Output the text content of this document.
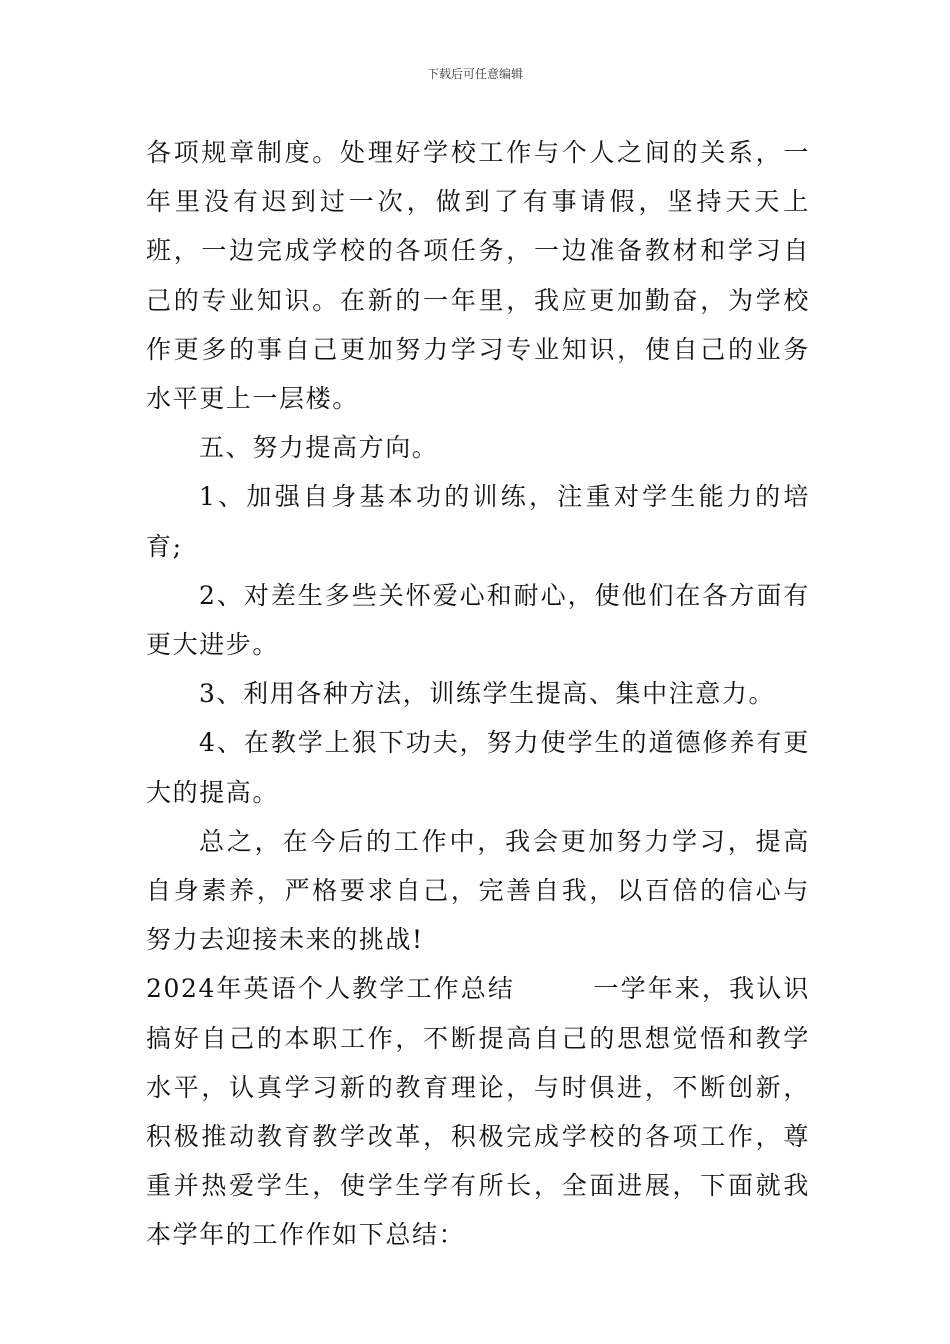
下载后可任意编辑

各项规章制度。处理好学校工作与个人之间的关系，一年里没有迟到过一次，做到了有事请假，坚持天天上班，一边完成学校的各项任务，一边准备教材和学习自己的专业知识。在新的一年里，我应更加勤奋，为学校作更多的事自己更加努力学习专业知识，使自己的业务水平更上一层楼。

五、努力提高方向。

1、加强自身基本功的训练，注重对学生能力的培育;

2、对差生多些关怀爱心和耐心，使他们在各方面有更大进步。

3、利用各种方法，训练学生提高、集中注意力。

4、在教学上狠下功夫，努力使学生的道德修养有更大的提高。

总之，在今后的工作中，我会更加努力学习，提高自身素养，严格要求自己，完善自我，以百倍的信心与努力去迎接未来的挑战!

2024年英语个人教学工作总结	一学年来，我认识搞好自己的本职工作，不断提高自己的思想觉悟和教学水平，认真学习新的教育理论，与时俱进，不断创新，积极推动教育教学改革，积极完成学校的各项工作，尊重并热爱学生，使学生学有所长，全面进展，下面就我本学年的工作作如下总结：
